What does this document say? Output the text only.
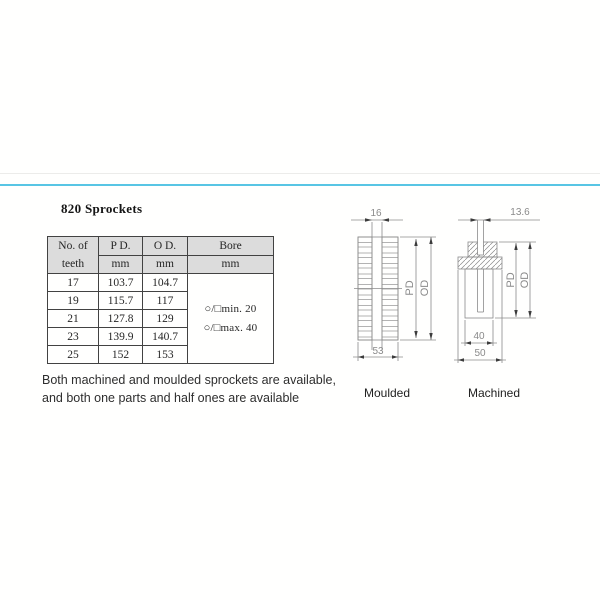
820 Sprockets
No. of
teeth	P D.	O D.	Bore
	mm	mm	mm
17	103.7	104.7	○/□min. 20
○/□max. 40

19	115.7	117	
21	127.8	129	
23	139.9	140.7	
25	152	153	
Both machined and moulded sprockets are available,
and both one parts and half ones are available
16
53
PD OD
13.6
40
50
PD OD
Moulded	Machined
